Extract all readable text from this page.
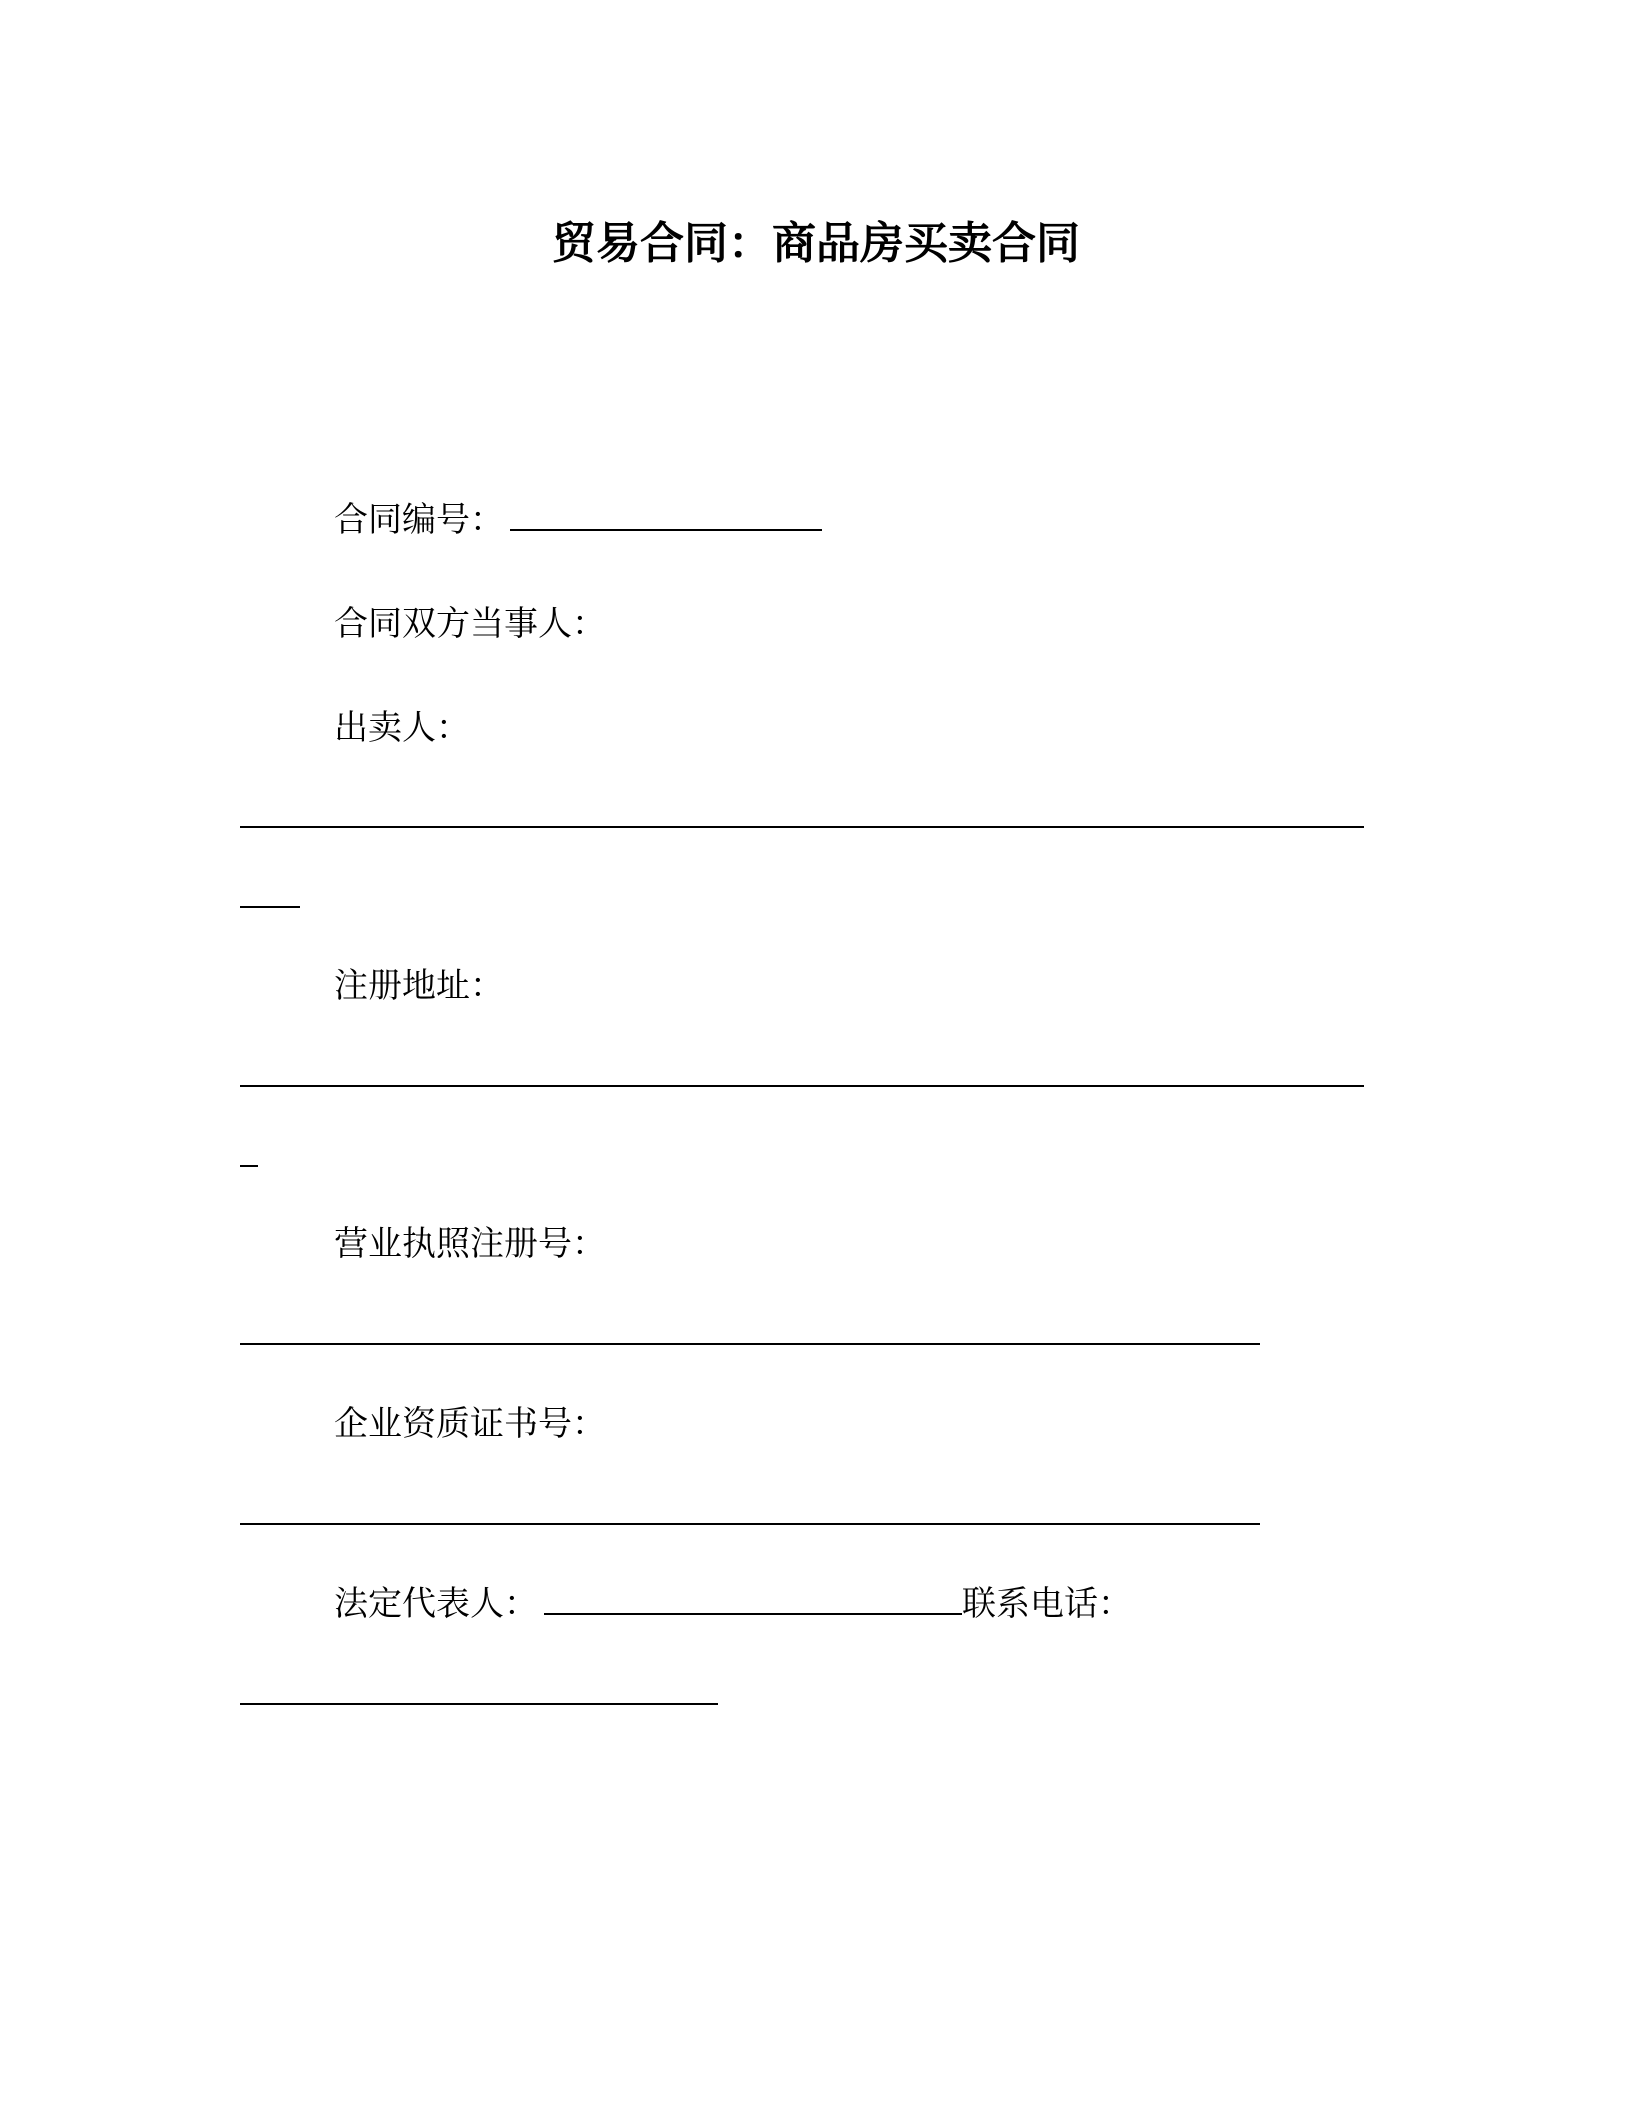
贸易合同：商品房买卖合同
合同编号：
合同双方当事人：
出卖人：
注册地址：
营业执照注册号：
企业资质证书号：
法定代表人：	联系电话：
